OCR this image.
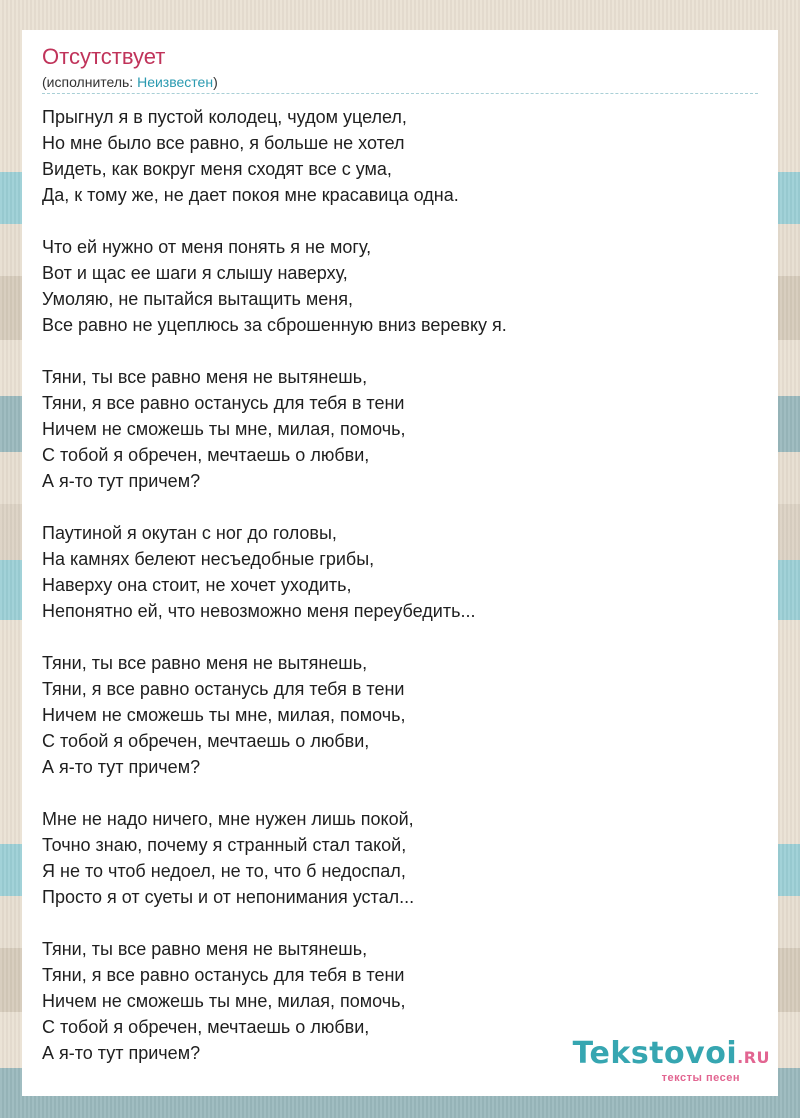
Отсутствует
(исполнитель: Неизвестен)
Прыгнул я в пустой колодец, чудом уцелел,
Но мне было все равно, я больше не хотел
Видеть, как вокруг меня сходят все с ума,
Да, к тому же, не дает покоя мне красавица одна.
Что ей нужно от меня понять я не могу,
Вот и щас ее шаги я слышу наверху,
Умоляю, не пытайся вытащить меня,
Все равно не уцеплюсь за сброшенную вниз веревку я.
Тяни, ты все равно меня не вытянешь,
Тяни, я все равно останусь для тебя в тени
Ничем не сможешь ты мне, милая, помочь,
С тобой я обречен, мечтаешь о любви,
А я-то тут причем?
Паутиной я окутан с ног до головы,
На камнях белеют несъедобные грибы,
Наверху она стоит, не хочет уходить,
Непонятно ей, что невозможно меня переубедить...
Тяни, ты все равно меня не вытянешь,
Тяни, я все равно останусь для тебя в тени
Ничем не сможешь ты мне, милая, помочь,
С тобой я обречен, мечтаешь о любви,
А я-то тут причем?
Мне не надо ничего, мне нужен лишь покой,
Точно знаю, почему я странный стал такой,
Я не то чтоб недоел, не то, что б недоспал,
Просто я от суеты и от непонимания устал...
Тяни, ты все равно меня не вытянешь,
Тяни, я все равно останусь для тебя в тени
Ничем не сможешь ты мне, милая, помочь,
С тобой я обречен, мечтаешь о любви,
А я-то тут причем?	Tekstovoi.RU
тексты песен
